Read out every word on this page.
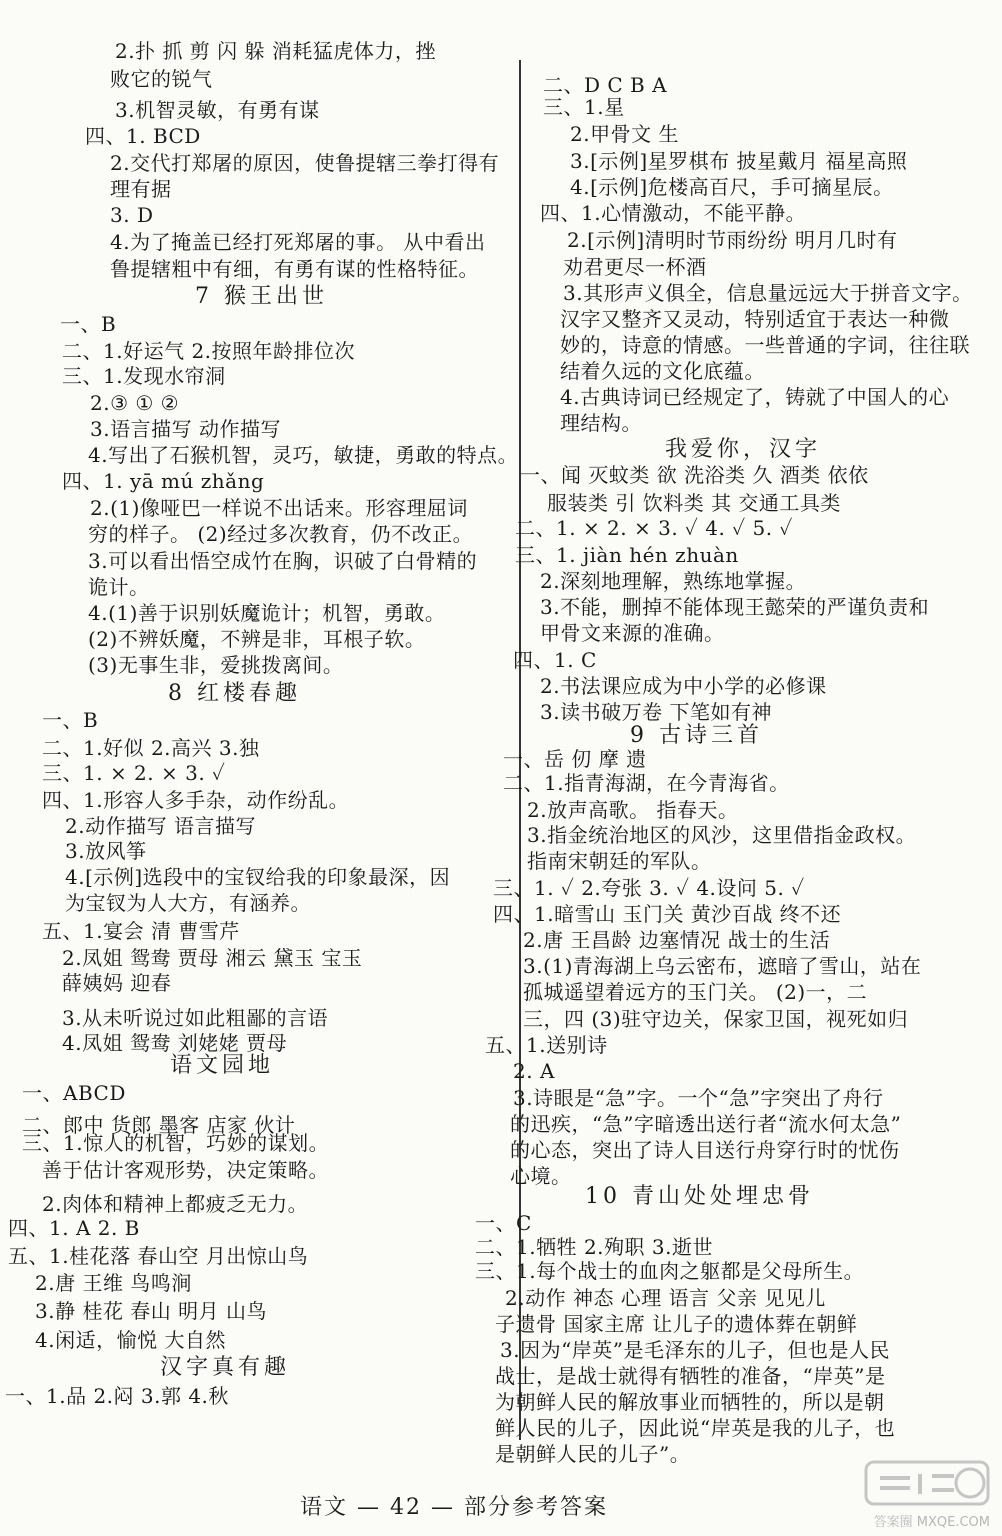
2.扑 抓 剪 闪 躲 消耗猛虎体力，挫
败它的锐气
3.机智灵敏，有勇有谋
四、1. BCD
2.交代打郑屠的原因，使鲁提辖三拳打得有
理有据
3. D
4.为了掩盖已经打死郑屠的事。 从中看出
鲁提辖粗中有细，有勇有谋的性格特征。
一、B
二、1.好运气 2.按照年龄排位次
三、1.发现水帘洞
2.③ ① ②
3.语言描写 动作描写
4.写出了石猴机智，灵巧，敏捷，勇敢的特点。
四、1. yā mú zhǎng
2.(1)像哑巴一样说不出话来。形容理屈词
穷的样子。 (2)经过多次教育，仍不改正。
3.可以看出悟空成竹在胸，识破了白骨精的
诡计。
4.(1)善于识别妖魔诡计；机智，勇敢。
(2)不辨妖魔，不辨是非，耳根子软。
(3)无事生非，爱挑拨离间。
一、B
二、1.好似 2.高兴 3.独
三、1. × 2. × 3. ✓
四、1.形容人多手杂，动作纷乱。
2.动作描写 语言描写
3.放风筝
4.[示例]选段中的宝钗给我的印象最深，因
为宝钗为人大方，有涵养。
五、1.宴会 清 曹雪芹
2.凤姐 鸳鸯 贾母 湘云 黛玉 宝玉
薛姨妈 迎春
3.从未听说过如此粗鄙的言语
4.凤姐 鸳鸯 刘姥姥 贾母
一、ABCD
二、郎中 货郎 墨客 店家 伙计
三、1.惊人的机智，巧妙的谋划。
善于估计客观形势，决定策略。
2.肉体和精神上都疲乏无力。
四、1. A 2. B
五、1.桂花落 春山空 月出惊山鸟
2.唐 王维 鸟鸣涧
3.静 桂花 春山 明月 山鸟
4.闲适，愉悦 大自然
一、1.品 2.闷 3.郭 4.秋
7 猴王出世
8 红楼春趣
语文园地
汉字真有趣
二、D C B A
三、1.星
2.甲骨文 生
3.[示例]星罗棋布 披星戴月 福星高照
4.[示例]危楼高百尺，手可摘星辰。
四、1.心情激动，不能平静。
2.[示例]清明时节雨纷纷 明月几时有
劝君更尽一杯酒
3.其形声义俱全，信息量远远大于拼音文字。
汉字又整齐又灵动，特别适宜于表达一种微
妙的，诗意的情感。一些普通的字词，往往联
结着久远的文化底蕴。
4.古典诗词已经规定了，铸就了中国人的心
理结构。
一、闻 灭蚊类 欲 洗浴类 久 酒类 依依
服装类 引 饮料类 其 交通工具类
二、1. × 2. × 3. ✓ 4. ✓ 5. ✓
三、1. jiàn hén zhuàn
2.深刻地理解，熟练地掌握。
3.不能，删掉不能体现王懿荣的严谨负责和
甲骨文来源的准确。
四、1. C
2.书法课应成为中小学的必修课
3.读书破万卷 下笔如有神
一、岳 仞 摩 遗
二、1.指青海湖，在今青海省。
2.放声高歌。 指春天。
3.指金统治地区的风沙，这里借指金政权。
指南宋朝廷的军队。
三、1. ✓ 2.夸张 3. ✓ 4.设问 5. ✓
四、1.暗雪山 玉门关 黄沙百战 终不还
2.唐 王昌龄 边塞情况 战士的生活
3.(1)青海湖上乌云密布，遮暗了雪山，站在
孤城遥望着远方的玉门关。 (2)一，二
三，四 (3)驻守边关，保家卫国，视死如归
五、1.送别诗
2. A
3.诗眼是“急”字。一个“急”字突出了舟行
的迅疾，“急”字暗透出送行者“流水何太急”
的心态，突出了诗人目送行舟穿行时的忧伤
心境。
一、C
二、1.牺牲 2.殉职 3.逝世
三、1.每个战士的血肉之躯都是父母所生。
2.动作 神态 心理 语言 父亲 见见儿
子遗骨 国家主席 让儿子的遗体葬在朝鲜
3.因为“岸英”是毛泽东的儿子，但也是人民
战士，是战士就得有牺牲的准备，“岸英”是
为朝鲜人民的解放事业而牺牲的，所以是朝
鲜人民的儿子，因此说“岸英是我的儿子，也
是朝鲜人民的儿子”。
我爱你，汉字
9 古诗三首
10 青山处处埋忠骨
语文 — 42 — 部分参考答案
答案圈 MXQE.COM
